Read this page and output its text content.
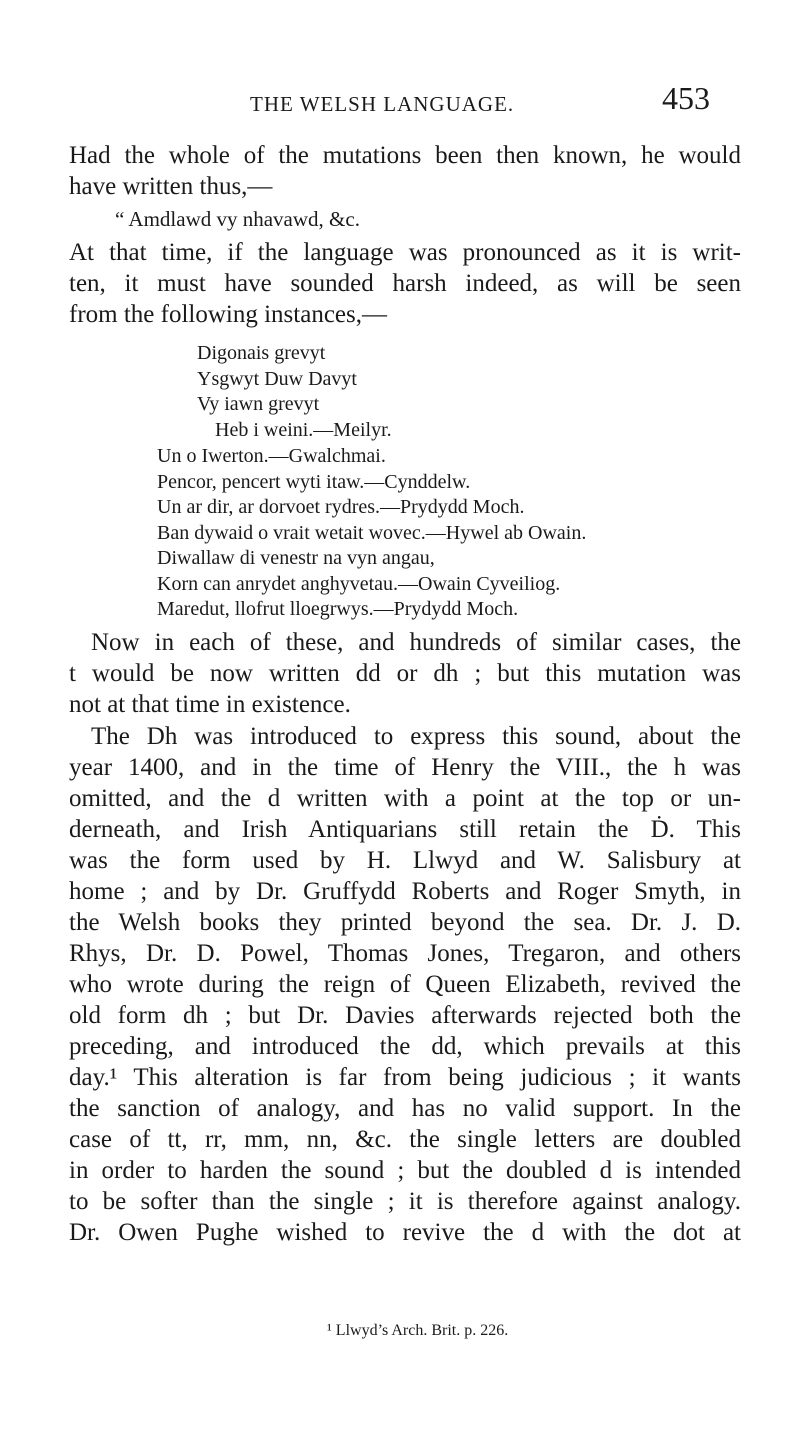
THE WELSH LANGUAGE.	453

Had the whole of the mutations been then known, he would
have written thus,—

“ Amdlawd vy nhavawd, &c.

At that time, if the language was pronounced as it is writ-
ten, it must have sounded harsh indeed, as will be seen
from the following instances,—

Digonais grevyt
Ysgwyt Duw Davyt
Vy iawn grevyt
Heb i weini.—Meilyr.

Un o Iwerton.—Gwalchmai.
Pencor, pencert wyti itaw.—Cynddelw.
Un ar dir, ar dorvoet rydres.—Prydydd Moch.
Ban dywaid o vrait wetait wovec.—Hywel ab Owain.
Diwallaw di venestr na vyn angau,
Korn can anrydet anghyvetau.—Owain Cyveiliog.
Maredut, llofrut lloegrwys.—Prydydd Moch.

Now in each of these, and hundreds of similar cases, the
t would be now written dd or dh ; but this mutation was
not at that time in existence.

The Dh was introduced to express this sound, about the
year 1400, and in the time of Henry the VIII., the h was
omitted, and the d written with a point at the top or un-
derneath, and Irish Antiquarians still retain the Ḋ. This
was the form used by H. Llwyd and W. Salisbury at
home ; and by Dr. Gruffydd Roberts and Roger Smyth, in
the Welsh books they printed beyond the sea. Dr. J. D.
Rhys, Dr. D. Powel, Thomas Jones, Tregaron, and others
who wrote during the reign of Queen Elizabeth, revived the
old form dh ; but Dr. Davies afterwards rejected both the
preceding, and introduced the dd, which prevails at this
day.¹ This alteration is far from being judicious ; it wants
the sanction of analogy, and has no valid support. In the
case of tt, rr, mm, nn, &c. the single letters are doubled
in order to harden the sound ; but the doubled d is intended
to be softer than the single ; it is therefore against analogy.
Dr. Owen Pughe wished to revive the d with the dot at

¹ Llwyd’s Arch. Brit. p. 226.
